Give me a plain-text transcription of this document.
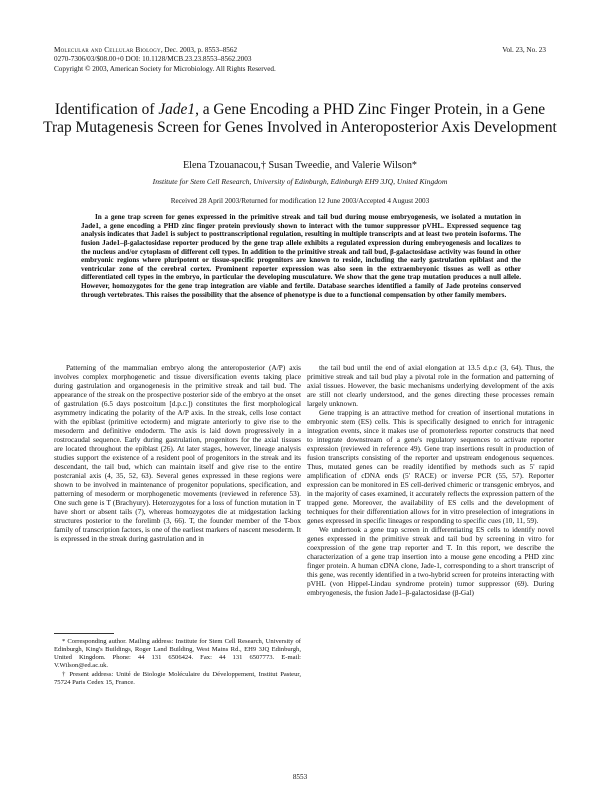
Molecular and Cellular Biology, Dec. 2003, p. 8553–8562
0270-7306/03/$08.00+0 DOI: 10.1128/MCB.23.23.8553–8562.2003
Copyright © 2003, American Society for Microbiology. All Rights Reserved.
Vol. 23, No. 23
Identification of Jade1, a Gene Encoding a PHD Zinc Finger Protein, in a Gene Trap Mutagenesis Screen for Genes Involved in Anteroposterior Axis Development
Elena Tzouanacou,† Susan Tweedie, and Valerie Wilson*
Institute for Stem Cell Research, University of Edinburgh, Edinburgh EH9 3JQ, United Kingdom
Received 28 April 2003/Returned for modification 12 June 2003/Accepted 4 August 2003
In a gene trap screen for genes expressed in the primitive streak and tail bud during mouse embryogenesis, we isolated a mutation in Jade1, a gene encoding a PHD zinc finger protein previously shown to interact with the tumor suppressor pVHL. Expressed sequence tag analysis indicates that Jade1 is subject to posttranscriptional regulation, resulting in multiple transcripts and at least two protein isoforms. The fusion Jade1–β-galactosidase reporter produced by the gene trap allele exhibits a regulated expression during embryogenesis and localizes to the nucleus and/or cytoplasm of different cell types. In addition to the primitive streak and tail bud, β-galactosidase activity was found in other embryonic regions where pluripotent or tissue-specific progenitors are known to reside, including the early gastrulation epiblast and the ventricular zone of the cerebral cortex. Prominent reporter expression was also seen in the extraembryonic tissues as well as other differentiated cell types in the embryo, in particular the developing musculature. We show that the gene trap mutation produces a null allele. However, homozygotes for the gene trap integration are viable and fertile. Database searches identified a family of Jade proteins conserved through vertebrates. This raises the possibility that the absence of phenotype is due to a functional compensation by other family members.

Patterning of the mammalian embryo along the anteroposterior (A/P) axis involves complex morphogenetic and tissue diversification events taking place during gastrulation and organogenesis in the primitive streak and tail bud. The appearance of the streak on the prospective posterior side of the embryo at the onset of gastrulation (6.5 days postcoitum [d.p.c.]) constitutes the first morphological asymmetry indicating the polarity of the A/P axis. In the streak, cells lose contact with the epiblast (primitive ectoderm) and migrate anteriorly to give rise to the mesoderm and definitive endoderm. The axis is laid down progressively in a rostrocaudal sequence. Early during gastrulation, progenitors for the axial tissues are located throughout the epiblast (26). At later stages, however, lineage analysis studies support the existence of a resident pool of progenitors in the streak and its descendant, the tail bud, which can maintain itself and give rise to the entire postcranial axis (4, 35, 52, 63). Several genes expressed in these regions were shown to be involved in maintenance of progenitor populations, specification, and patterning of mesoderm or morphogenetic movements (reviewed in reference 53). One such gene is T (Brachyury). Heterozygotes for a loss of function mutation in T have short or absent tails (7), whereas homozygotes die at midgestation lacking structures posterior to the forelimb (3, 66). T, the founder member of the T-box family of transcription factors, is one of the earliest markers of nascent mesoderm. It is expressed in the streak during gastrulation and in

the tail bud until the end of axial elongation at 13.5 d.p.c (3, 64). Thus, the primitive streak and tail bud play a pivotal role in the formation and patterning of axial tissues. However, the basic mechanisms underlying development of the axis are still not clearly understood, and the genes directing these processes remain largely unknown.

Gene trapping is an attractive method for creation of insertional mutations in embryonic stem (ES) cells. This is specifically designed to enrich for intragenic integration events, since it makes use of promoterless reporter constructs that need to integrate downstream of a gene's regulatory sequences to activate reporter expression (reviewed in reference 49). Gene trap insertions result in production of fusion transcripts consisting of the reporter and upstream endogenous sequences. Thus, mutated genes can be readily identified by methods such as 5' rapid amplification of cDNA ends (5' RACE) or inverse PCR (55, 57). Reporter expression can be monitored in ES cell-derived chimeric or transgenic embryos, and in the majority of cases examined, it accurately reflects the expression pattern of the trapped gene. Moreover, the availability of ES cells and the development of techniques for their differentiation allows for in vitro preselection of integrations in genes expressed in specific lineages or responding to specific cues (10, 11, 59).

We undertook a gene trap screen in differentiating ES cells to identify novel genes expressed in the primitive streak and tail bud by screening in vitro for coexpression of the gene trap reporter and T. In this report, we describe the characterization of a gene trap insertion into a mouse gene encoding a PHD zinc finger protein. A human cDNA clone, Jade-1, corresponding to a short transcript of this gene, was recently identified in a two-hybrid screen for proteins interacting with pVHL (von Hippel-Lindau syndrome protein) tumor suppressor (69). During embryogenesis, the fusion Jade1–β-galactosidase (β-Gal)

* Corresponding author. Mailing address: Institute for Stem Cell Research, University of Edinburgh, King's Buildings, Roger Land Building, West Mains Rd., EH9 3JQ Edinburgh, United Kingdom. Phone: 44 131 6506424. Fax: 44 131 6507773. E-mail: V.Wilson@ed.ac.uk.

† Present address: Unité de Biologie Moléculaire du Développement, Institut Pasteur, 75724 Paris Cedex 15, France.

8553
